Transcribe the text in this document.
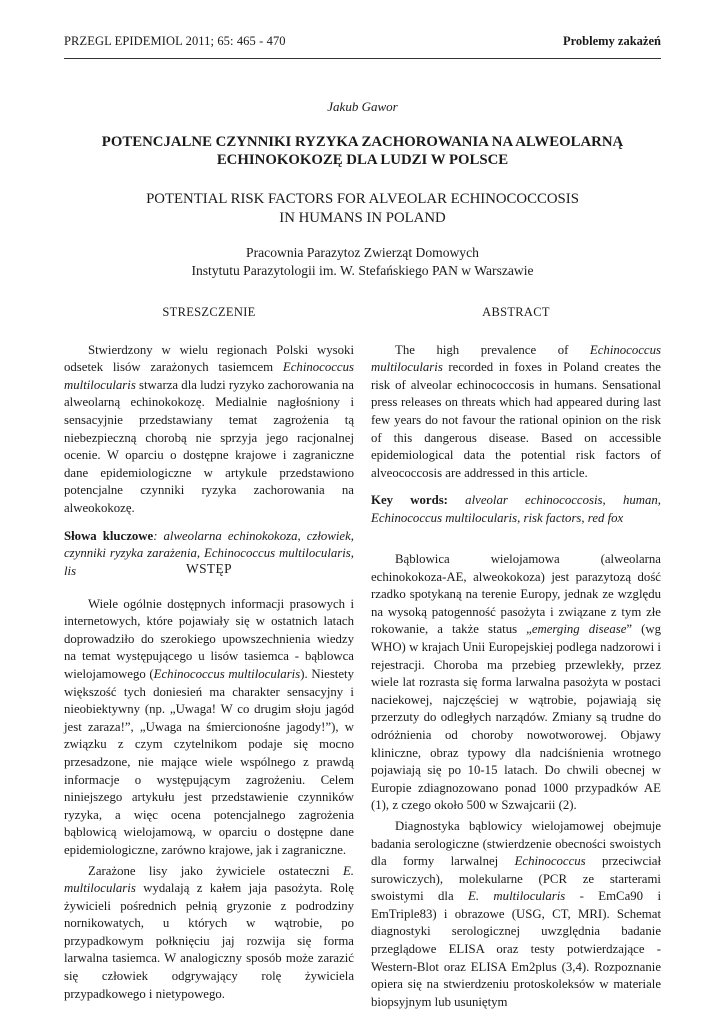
PRZEGL EPIDEMIOL 2011; 65: 465 - 470	Problemy zakażeń
Jakub Gawor
POTENCJALNE CZYNNIKI RYZYKA ZACHOROWANIA NA ALWEOLARNĄ
ECHINOKOKOZĘ DLA LUDZI W POLSCE
POTENTIAL RISK FACTORS FOR ALVEOLAR ECHINOCOCCOSIS
IN HUMANS IN POLAND
Pracownia Parazytoz Zwierząt Domowych
Instytutu Parazytologii im. W. Stefańskiego PAN w Warszawie
STRESZCZENIE

Stwierdzony w wielu regionach Polski wysoki odsetek lisów zarażonych tasiemcem Echinococcus multilocularis stwarza dla ludzi ryzyko zachorowania na alweolarną echinokokozę. Medialnie nagłośniony i sensacyjnie przedstawiany temat zagrożenia tą niebezpieczną chorobą nie sprzyja jego racjonalnej ocenie. W oparciu o dostępne krajowe i zagraniczne dane epidemiologiczne w artykule przedstawiono potencjalne czynniki ryzyka zachorowania na alweokokozę.

Słowa kluczowe: alweolarna echinokokoza, człowiek, czynniki ryzyka zarażenia, Echinococcus multilocularis, lis

ABSTRACT

The high prevalence of Echinococcus multilocularis recorded in foxes in Poland creates the risk of alveolar echinococcosis in humans. Sensational press releases on threats which had appeared during last few years do not favour the rational opinion on the risk of this dangerous disease. Based on accessible epidemiological data the potential risk factors of alveococcosis are addressed in this article.

Key words: alveolar echinococcosis, human, Echinococcus multilocularis, risk factors, red fox

WSTĘP

Wiele ogólnie dostępnych informacji prasowych i internetowych, które pojawiały się w ostatnich latach doprowadziło do szerokiego upowszechnienia wiedzy na temat występującego u lisów tasiemca - bąblowca wielojamowego (Echinococcus multilocularis). Niestety większość tych doniesień ma charakter sensacyjny i nieobiektywny (np. „Uwaga! W co drugim słoju jagód jest zaraza!”, „Uwaga na śmiercionośne jagody!”), w związku z czym czytelnikom podaje się mocno przesadzone, nie mające wiele wspólnego z prawdą informacje o występującym zagrożeniu. Celem niniejszego artykułu jest przedstawienie czynników ryzyka, a więc ocena potencjalnego zagrożenia bąblowicą wielojamową, w oparciu o dostępne dane epidemiologiczne, zarówno krajowe, jak i zagraniczne.

Zarażone lisy jako żywiciele ostateczni E. multilocularis wydalają z kałem jaja pasożyta. Rolę żywicieli pośrednich pełnią gryzonie z podrodziny nornikowatych, u których w wątrobie, po przypadkowym połknięciu jaj rozwija się forma larwalna tasiemca. W analogiczny sposób może zarazić się człowiek odgrywający rolę żywiciela przypadkowego i nietypowego.

Bąblowica wielojamowa (alweolarna echinokokoza-AE, alweokokoza) jest parazytozą dość rzadko spotykaną na terenie Europy, jednak ze względu na wysoką patogenność pasożyta i związane z tym złe rokowanie, a także status „emerging disease” (wg WHO) w krajach Unii Europejskiej podlega nadzorowi i rejestracji. Choroba ma przebieg przewlekły, przez wiele lat rozrasta się forma larwalna pasożyta w postaci naciekowej, najczęściej w wątrobie, pojawiają się przerzuty do odległych narządów. Zmiany są trudne do odróżnienia od choroby nowotworowej. Objawy kliniczne, obraz typowy dla nadciśnienia wrotnego pojawiają się po 10-15 latach. Do chwili obecnej w Europie zdiagnozowano ponad 1000 przypadków AE (1), z czego około 500 w Szwajcarii (2).

Diagnostyka bąblowicy wielojamowej obejmuje badania serologiczne (stwierdzenie obecności swoistych dla formy larwalnej Echinococcus przeciwciał surowiczych), molekularne (PCR ze starterami swoistymi dla E. multilocularis - EmCa90 i EmTriple83) i obrazowe (USG, CT, MRI). Schemat diagnostyki serologicznej uwzględnia badanie przeglądowe ELISA oraz testy potwierdzające - Western-Blot oraz ELISA Em2plus (3,4). Rozpoznanie opiera się na stwierdzeniu protoskoleksów w materiale biopsyjnym lub usuniętym
